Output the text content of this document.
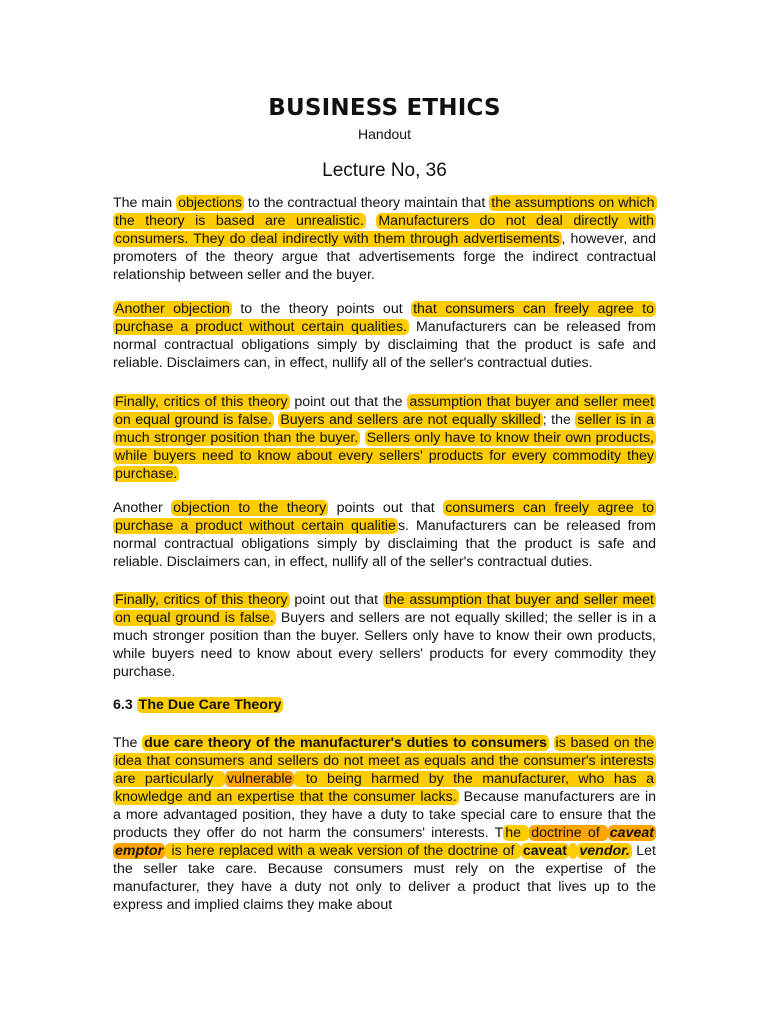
BUSINESS ETHICS
Handout
Lecture No, 36

The main objections to the contractual theory maintain that the assumptions on which the theory is based are unrealistic. Manufacturers do not deal directly with consumers. They do deal indirectly with them through advertisements , however, and promoters of the theory argue that advertisements forge the indirect contractual relationship between seller and the buyer.

Another objection to the theory points out that consumers can freely agree to purchase a product without certain qualities. Manufacturers can be released from normal contractual obligations simply by disclaiming that the product is safe and reliable. Disclaimers can, in effect, nullify all of the seller's contractual duties.

Finally, critics of this theory point out that the assumption that buyer and seller meet on equal ground is false. Buyers and sellers are not equally skilled ; the seller is in a much stronger position than the buyer. Sellers only have to know their own products, while buyers need to know about every sellers' products for every commodity they purchase.

Another objection to the theory points out that consumers can freely agree to purchase a product without certain qualitie s. Manufacturers can be released from normal contractual obligations simply by disclaiming that the product is safe and reliable. Disclaimers can, in effect, nullify all of the seller's contractual duties.

Finally, critics of this theory point out that the assumption that buyer and seller meet on equal ground is false. Buyers and sellers are not equally skilled; the seller is in a much stronger position than the buyer. Sellers only have to know their own products, while buyers need to know about every sellers' products for every commodity they purchase.

6.3 The Due Care Theory

The due care theory of the manufacturer's duties to consumers is based on the idea that consumers and sellers do not meet as equals and the consumer's interests are particularly vulnerable to being harmed by the manufacturer, who has a knowledge and an expertise that the consumer lacks. Because manufacturers are in a more advantaged position, they have a duty to take special care to ensure that the products they offer do not harm the consumers' interests. T he doctrine of caveat emptor is here replaced with a weak version of the doctrine of caveat vendor. Let the seller take care. Because consumers must rely on the expertise of the manufacturer, they have a duty not only to deliver a product that lives up to the express and implied claims they make about
